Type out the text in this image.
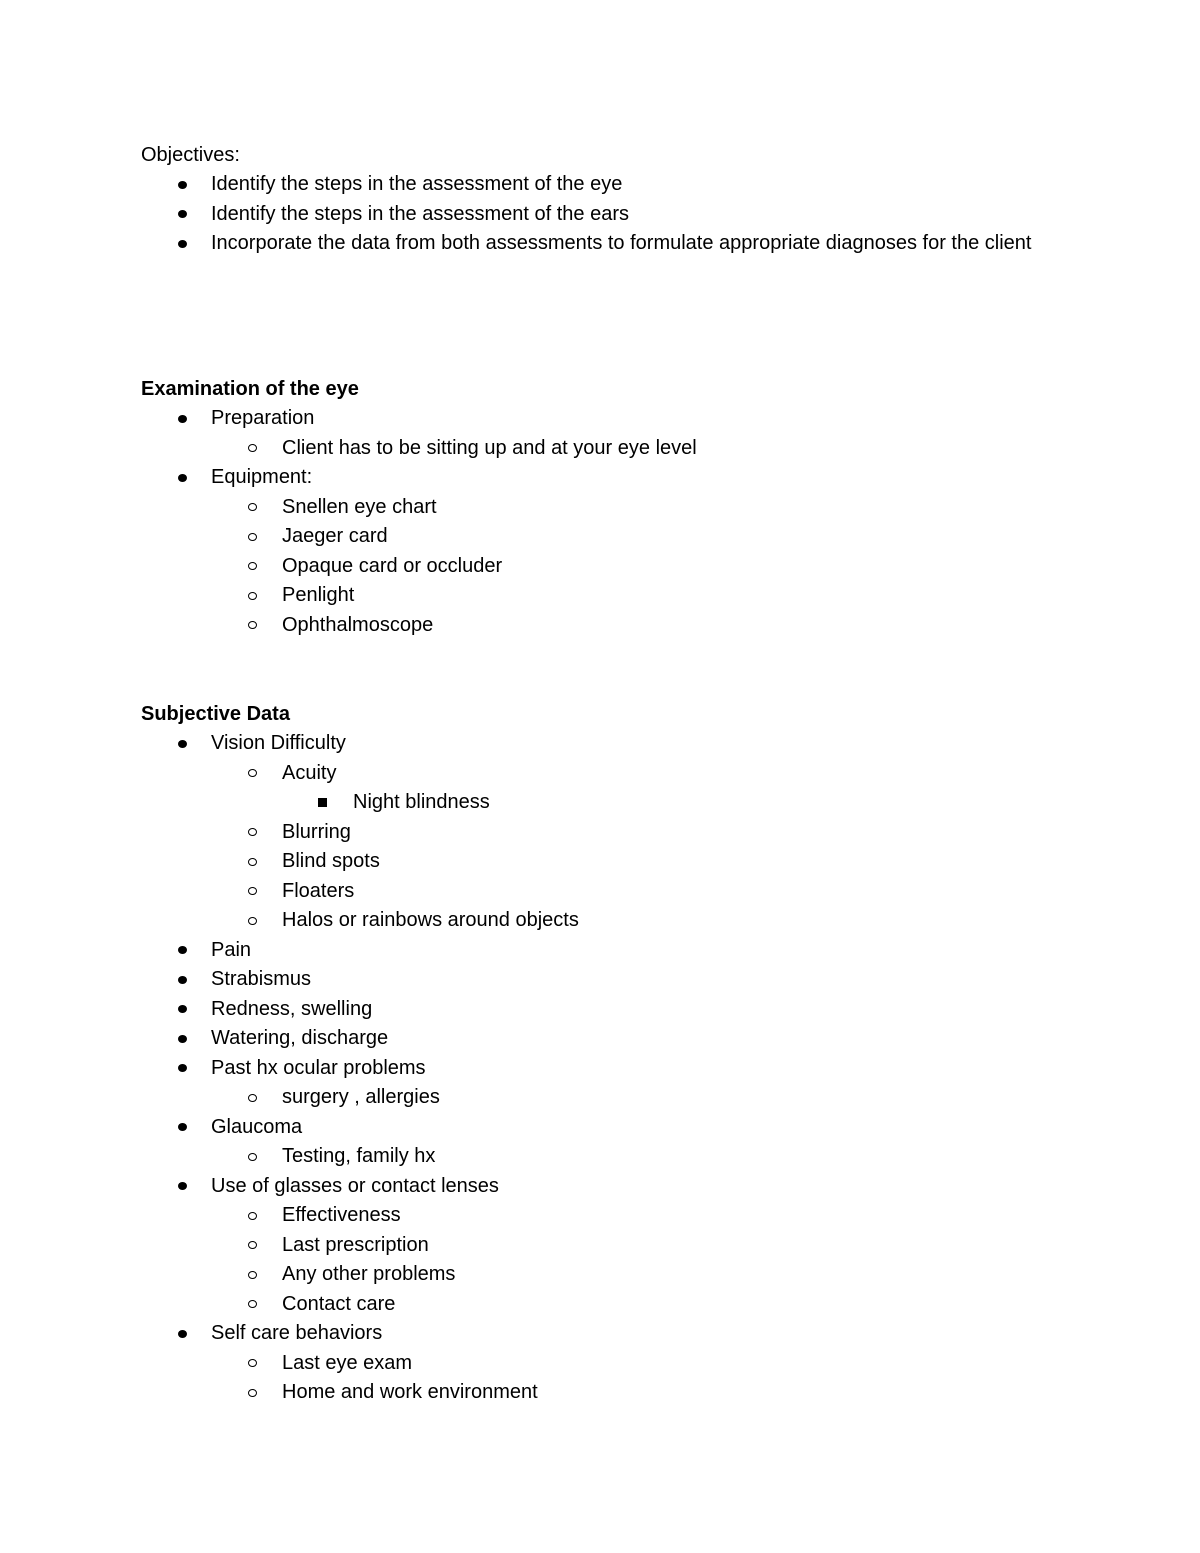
Objectives:
Identify the steps in the assessment of the eye
Identify the steps in the assessment of the ears
Incorporate the data from both assessments to formulate appropriate diagnoses for the client
Examination of the eye
Preparation
Client has to be sitting up and at your eye level
Equipment:
Snellen eye chart
Jaeger card
Opaque card or occluder
Penlight
Ophthalmoscope
Subjective Data
Vision Difficulty
Acuity
Night blindness
Blurring
Blind spots
Floaters
Halos or rainbows around objects
Pain
Strabismus
Redness, swelling
Watering, discharge
Past hx ocular problems
surgery , allergies
Glaucoma
Testing, family hx
Use of glasses or contact lenses
Effectiveness
Last prescription
Any other problems
Contact care
Self care behaviors
Last eye exam
Home and work environment
